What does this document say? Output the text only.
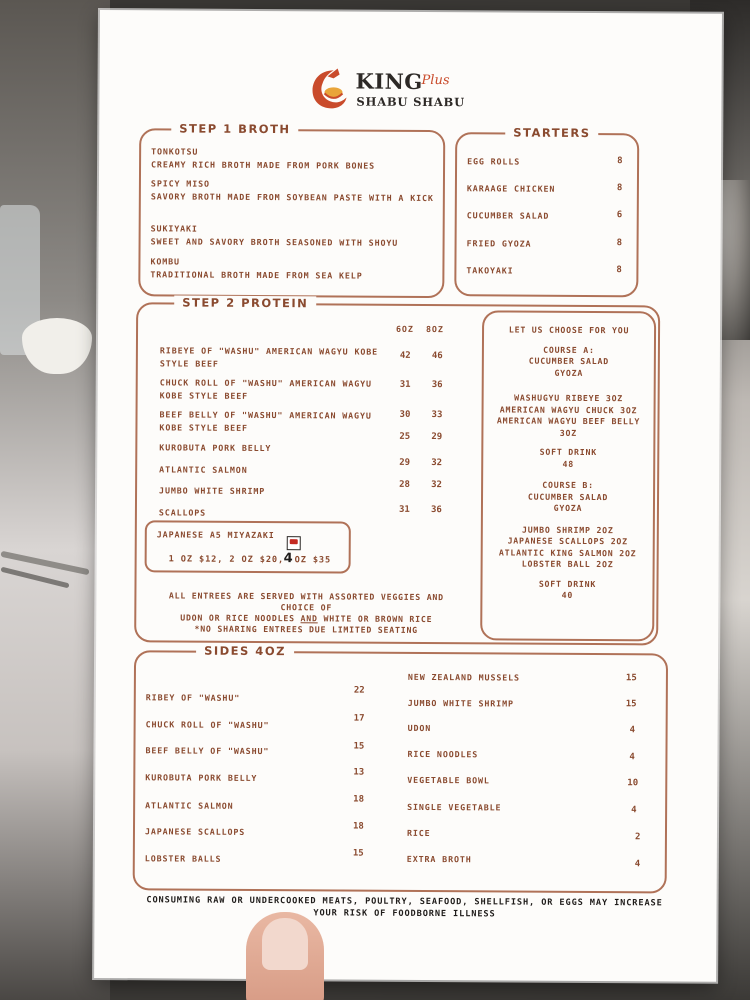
KING
Plus
SHABU SHABU
STEP 1 BROTH
TONKOTSU
CREAMY RICH BROTH MADE FROM PORK BONES
SPICY MISO
SAVORY BROTH MADE FROM SOYBEAN PASTE WITH A KICK
SUKIYAKI
SWEET AND SAVORY BROTH SEASONED WITH SHOYU
KOMBU
TRADITIONAL BROTH MADE FROM SEA KELP
STARTERS
EGG ROLLS	8
KARAAGE CHICKEN	8
CUCUMBER SALAD	6
FRIED GYOZA	8
TAKOYAKI	8
STEP 2 PROTEIN
6OZ 8OZ
RIBEYE OF "WASHU" AMERICAN WAGYU KOBE STYLE BEEF
42 46
CHUCK ROLL OF "WASHU" AMERICAN WAGYU KOBE STYLE BEEF
31 36
BEEF BELLY OF "WASHU" AMERICAN WAGYU KOBE STYLE BEEF
30 33
KUROBUTA PORK BELLY
25 29
ATLANTIC SALMON
29 32
JUMBO WHITE SHRIMP
28 32
SCALLOPS	31 36
JAPANESE A5 MIYAZAKI
1 OZ $12, 2 OZ $20, 4 OZ $35
ALL ENTREES ARE SERVED WITH ASSORTED VEGGIES AND
CHOICE OF
UDON OR RICE NOODLES AND WHITE OR BROWN RICE
*NO SHARING ENTREES DUE LIMITED SEATING
LET US CHOOSE FOR YOU
COURSE A:
CUCUMBER SALAD
GYOZA
WASHUGYU RIBEYE 3OZ
AMERICAN WAGYU CHUCK 3OZ
AMERICAN WAGYU BEEF BELLY 3OZ
SOFT DRINK
48
COURSE B:
CUCUMBER SALAD
GYOZA
JUMBO SHRIMP 2OZ
JAPANESE SCALLOPS 2OZ
ATLANTIC KING SALMON 2OZ
LOBSTER BALL 2OZ
SOFT DRINK
40
SIDES 4OZ
RIBEY OF "WASHU"
22
CHUCK ROLL OF "WASHU"
17
BEEF BELLY OF "WASHU"	15
KUROBUTA PORK BELLY	13
ATLANTIC SALMON
18
JAPANESE SCALLOPS	18
LOBSTER BALLS	15
NEW ZEALAND MUSSELS	15
JUMBO WHITE SHRIMP	15
UDON	4
RICE NOODLES	4
VEGETABLE BOWL	10
SINGLE VEGETABLE	4
RICE	2
EXTRA BROTH
4
CONSUMING RAW OR UNDERCOOKED MEATS, POULTRY, SEAFOOD, SHELLFISH, OR EGGS MAY INCREASE
YOUR RISK OF FOODBORNE ILLNESS
